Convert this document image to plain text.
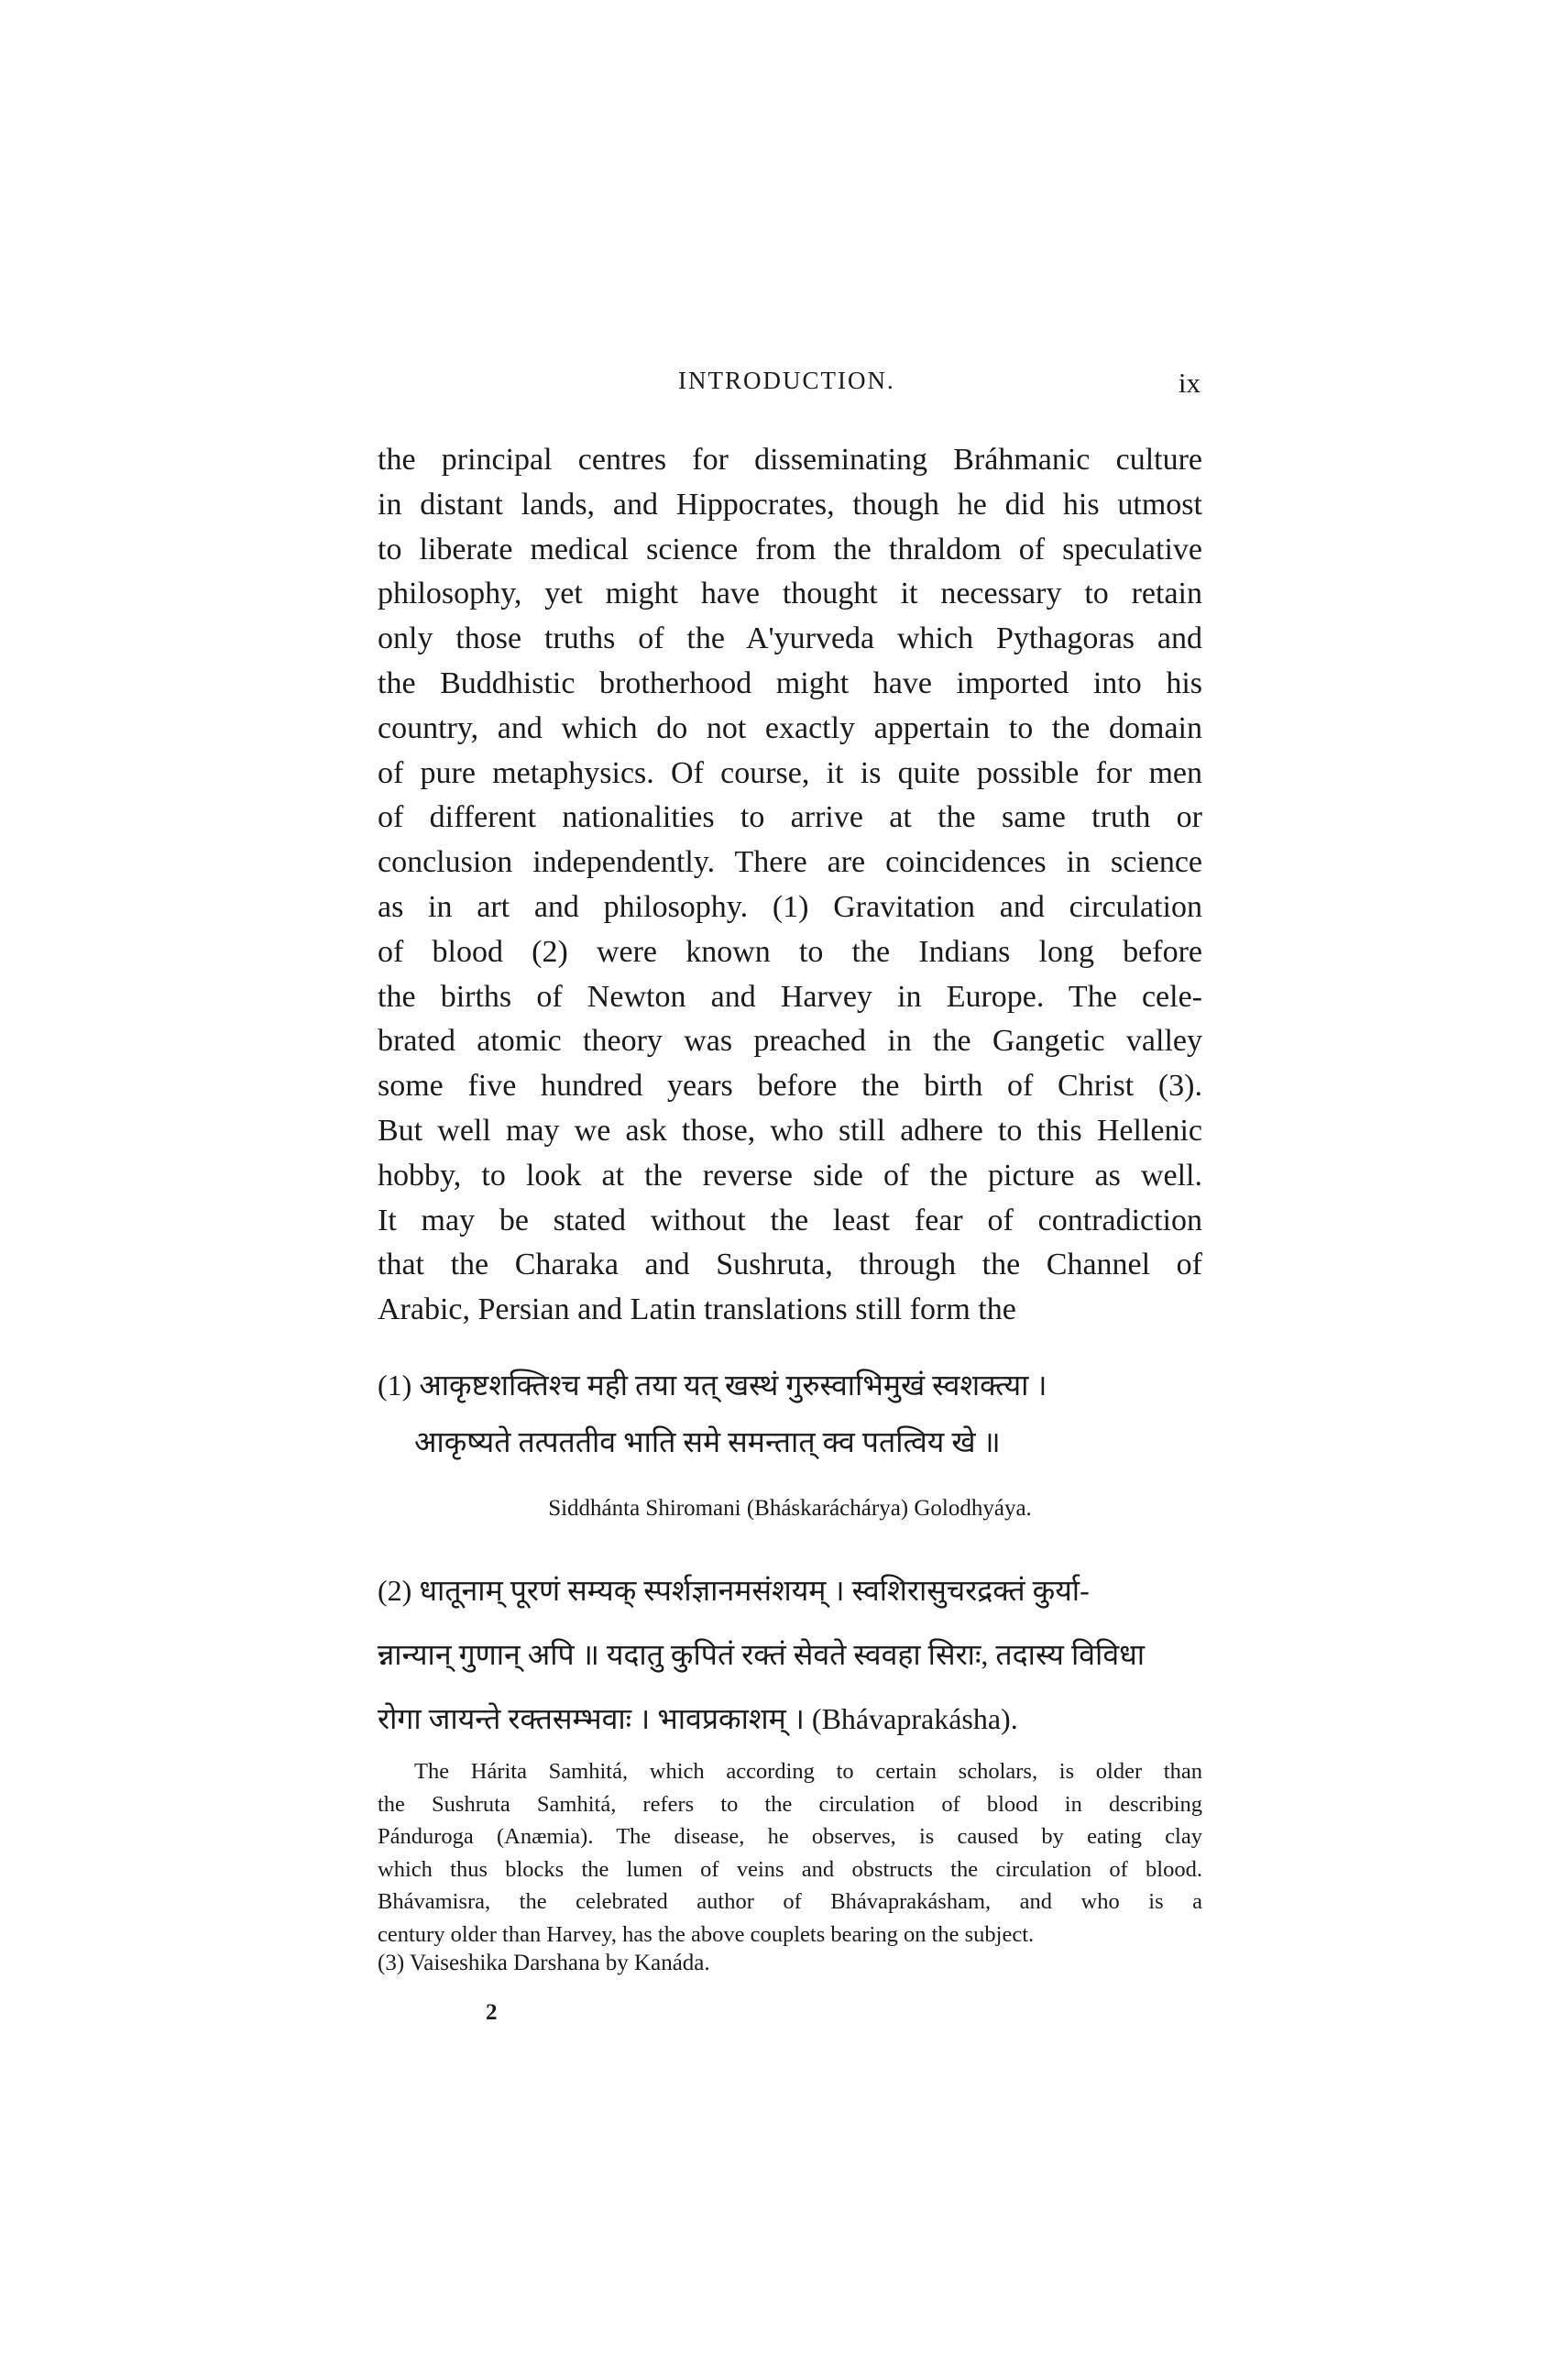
INTRODUCTION.	ix
the principal centres for disseminating Bráhmanic culture
in distant lands, and Hippocrates, though he did his utmost
to liberate medical science from the thraldom of speculative
philosophy, yet might have thought it necessary to retain
only those truths of the A'yurveda which Pythagoras and
the Buddhistic brotherhood might have imported into his
country, and which do not exactly appertain to the domain
of pure metaphysics. Of course, it is quite possible for men
of different nationalities to arrive at the same truth or
conclusion independently. There are coincidences in science
as in art and philosophy. (1) Gravitation and circulation
of blood (2) were known to the Indians long before
the births of Newton and Harvey in Europe. The cele-
brated atomic theory was preached in the Gangetic valley
some five hundred years before the birth of Christ (3).
But well may we ask those, who still adhere to this Hellenic
hobby, to look at the reverse side of the picture as well.
It may be stated without the least fear of contradiction
that the Charaka and Sushruta, through the Channel of
Arabic, Persian and Latin translations still form the
(1) आकृष्टशक्तिश्च मही तया यत् खस्थं गुरुस्वाभिमुखं स्वशक्त्या ।
आकृष्यते तत्पततीव भाति समे समन्तात् क्व पतत्विय खे ॥
Siddhánta Shiromani (Bháskaráchárya) Golodhyáya.
(2) धातूनाम् पूरणं सम्यक् स्पर्शज्ञानमसंशयम् । स्वशिरासुचरद्रक्तं कुर्या-
न्नान्यान् गुणान् अपि ॥ यदातु कुपितं रक्तं सेवते स्ववहा सिराः, तदास्य विविधा
रोगा जायन्ते रक्तसम्भवाः । भावप्रकाशम् । (Bhávaprakásha).
The Hárita Samhitá, which according to certain scholars, is older than
the Sushruta Samhitá, refers to the circulation of blood in describing
Pánduroga (Anæmia). The disease, he observes, is caused by eating clay
which thus blocks the lumen of veins and obstructs the circulation of blood.
Bhávamisra, the celebrated author of Bhávaprakásham, and who is a
century older than Harvey, has the above couplets bearing on the subject.
(3) Vaiseshika Darshana by Kanáda.
2
